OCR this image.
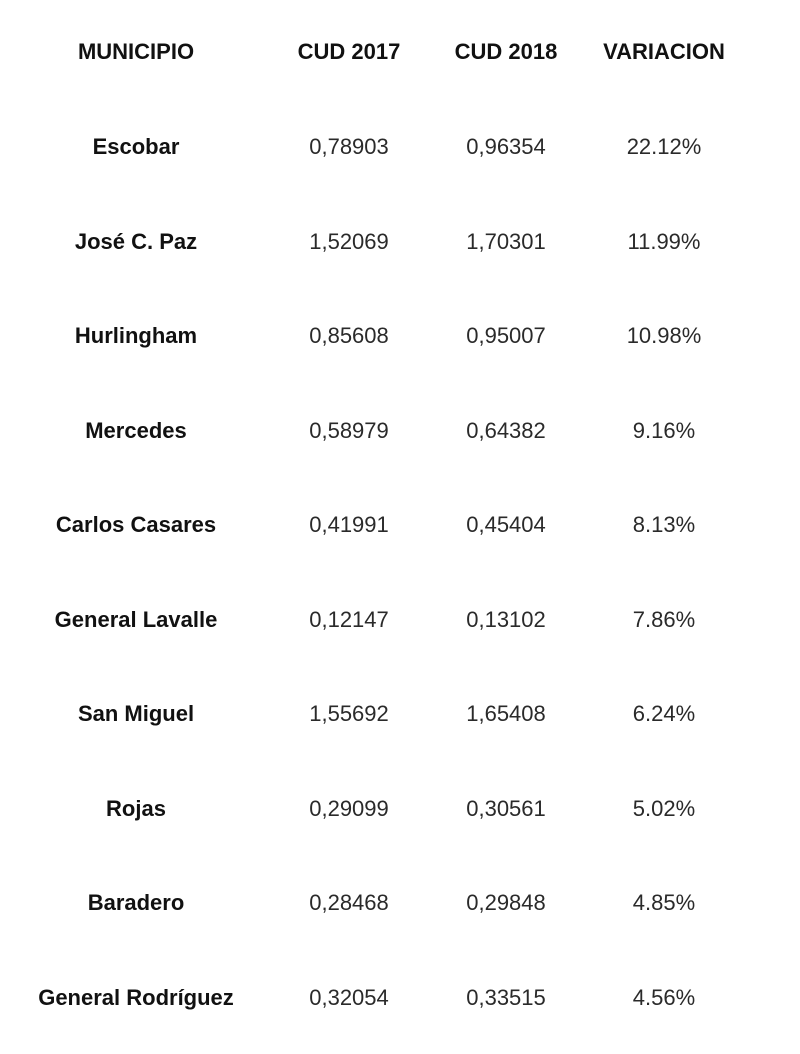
MUNICIPIO	CUD 2017	CUD 2018	VARIACION
Escobar	0,78903	0,96354	22.12%
José C. Paz	1,52069	1,70301	11.99%
Hurlingham	0,85608	0,95007	10.98%
Mercedes	0,58979	0,64382	9.16%
Carlos Casares	0,41991	0,45404	8.13%
General Lavalle	0,12147	0,13102	7.86%
San Miguel	1,55692	1,65408	6.24%
Rojas	0,29099	0,30561	5.02%
Baradero	0,28468	0,29848	4.85%
General Rodríguez	0,32054	0,33515	4.56%
